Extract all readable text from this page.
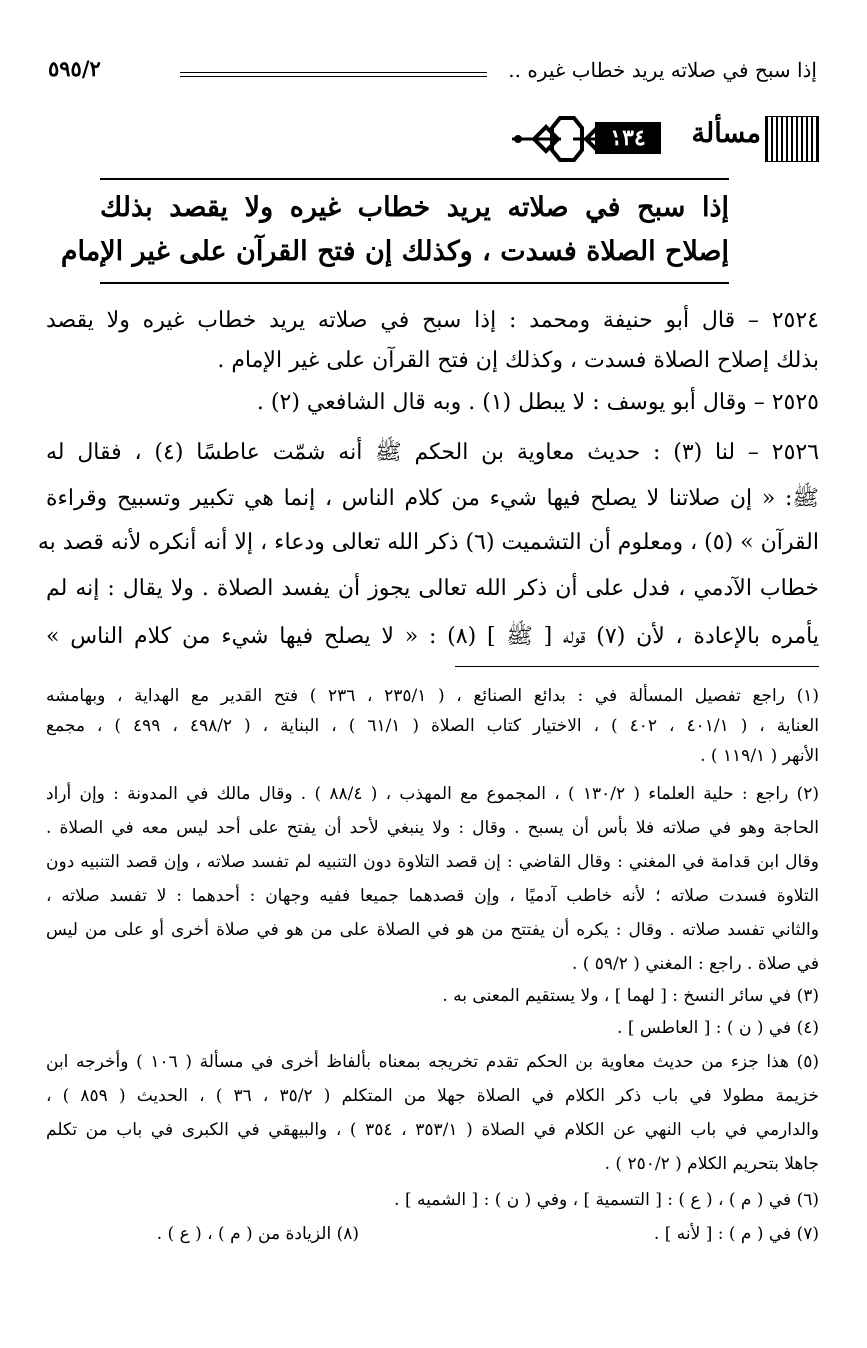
إذا سبح في صلاته يريد خطاب غيره ..
٥٩٥/٢
مسألة
١٣٤
إذا سبح في صلاته يريد خطاب غيره ولا يقصد بذلك
إصلاح الصلاة فسدت ، وكذلك إن فتح القرآن على غير الإمام
٢٥٢٤ – قال أبو حنيفة ومحمد : إذا سبح في صلاته يريد خطاب غيره ولا يقصد
بذلك إصلاح الصلاة فسدت ، وكذلك إن فتح القرآن على غير الإمام .
٢٥٢٥ – وقال أبو يوسف : لا يبطل (١) . وبه قال الشافعي (٢) .
٢٥٢٦ – لنا (٣) : حديث معاوية بن الحكم ﷺ أنه شمّت عاطسًا (٤) ، فقال له
ﷺ: « إن صلاتنا لا يصلح فيها شيء من كلام الناس ، إنما هي تكبير وتسبيح وقراءة
القرآن » (٥) ، ومعلوم أن التشميت (٦) ذكر الله تعالى ودعاء ، إلا أنه أنكره لأنه قصد به
خطاب الآدمي ، فدل على أن ذكر الله تعالى يجوز أن يفسد الصلاة . ولا يقال : إنه لم
يأمره بالإعادة ، لأن (٧) قوله [ ﷺ ] (٨) : « لا يصلح فيها شيء من كلام الناس »
(١) راجع تفصيل المسألة في : بدائع الصنائع ، ( ٢٣٥/١ ، ٢٣٦ ) فتح القدير مع الهداية ، وبهامشه
العناية ، ( ٤٠١/١ ، ٤٠٢ ) ، الاختيار كتاب الصلاة ( ٦١/١ ) ، البناية ، ( ٤٩٨/٢ ، ٤٩٩ ) ، مجمع
الأنهر ( ١١٩/١ ) .
(٢) راجع : حلية العلماء ( ١٣٠/٢ ) ، المجموع مع المهذب ، ( ٨٨/٤ ) . وقال مالك في المدونة : وإن أراد
الحاجة وهو في صلاته فلا بأس أن يسبح . وقال : ولا ينبغي لأحد أن يفتح على أحد ليس معه في الصلاة .
وقال ابن قدامة في المغني : وقال القاضي : إن قصد التلاوة دون التنبيه لم تفسد صلاته ، وإن قصد التنبيه دون
التلاوة فسدت صلاته ؛ لأنه خاطب آدميًا ، وإن قصدهما جميعا ففيه وجهان : أحدهما : لا تفسد صلاته ،
والثاني تفسد صلاته . وقال : يكره أن يفتتح من هو في الصلاة على من هو في صلاة أخرى أو على من ليس
في صلاة . راجع : المغني ( ٥٩/٢ ) .
(٣) في سائر النسخ : [ لهما ] ، ولا يستقيم المعنى به .
(٤) في ( ن ) : [ العاطس ] .
(٥) هذا جزء من حديث معاوية بن الحكم تقدم تخريجه بمعناه بألفاظ أخرى في مسألة ( ١٠٦ ) وأخرجه ابن
خزيمة مطولا في باب ذكر الكلام في الصلاة جهلا من المتكلم ( ٣٥/٢ ، ٣٦ ) ، الحديث ( ٨٥٩ ) ،
والدارمي في باب النهي عن الكلام في الصلاة ( ٣٥٣/١ ، ٣٥٤ ) ، والبيهقي في الكبرى في باب من تكلم
جاهلا بتحريم الكلام ( ٢٥٠/٢ ) .
(٦) في ( م ) ، ( ع ) : [ التسمية ] ، وفي ( ن ) : [ الشميه ] .
(٧) في ( م ) : [ لأنه ] .
(٨) الزيادة من ( م ) ، ( ع ) .
